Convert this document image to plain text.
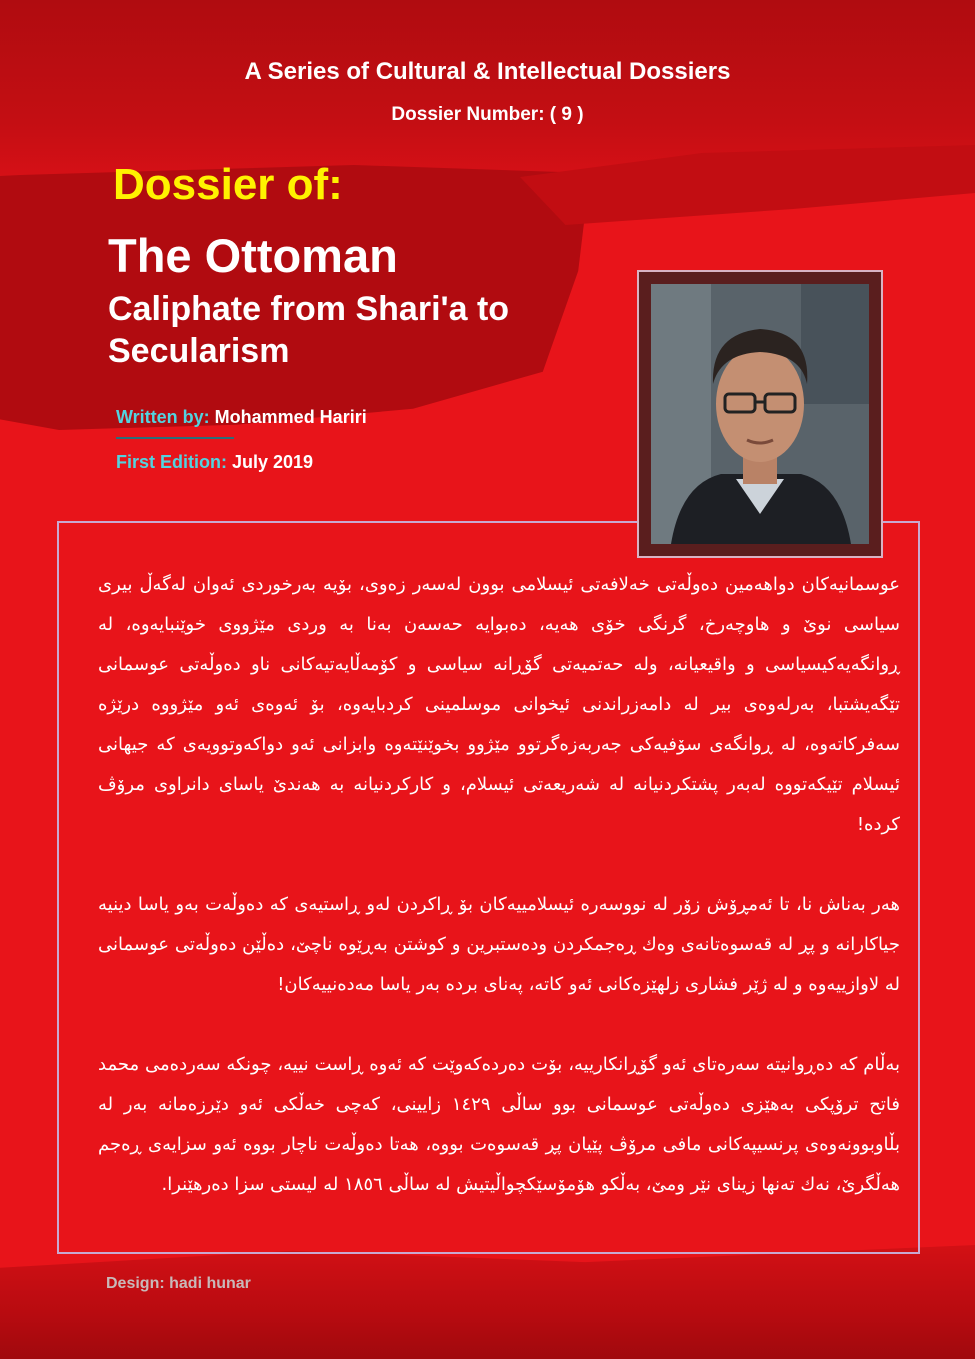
A Series of Cultural & Intellectual Dossiers
Dossier Number: ( 9 )
Dossier of:
The Ottoman
Caliphate from Shari'a to Secularism
Written by: Mohammed Hariri
First Edition: July 2019
عوسمانیەكان دواهەمین دەوڵەتی خەلافەتی ئیسلامی بوون لەسەر زەوی، بۆیە بەرخوردی ئەوان لەگەڵ بیری سیاسی نوێ و هاوچەرخ، گرنگی خۆی هەیە، دەبوایە حەسەن بەنا بە وردی مێژووی خوێنبایەوە، لە ڕوانگەیەكیسیاسی و واقیعیانە، ولە حەتمیەتی گۆڕانە سیاسی و كۆمەڵایەتیەكانی ناو دەوڵەتی عوسمانی تێگەیشتبا، بەرلەوەی بیر لە دامەزراندنی ئیخوانی موسلمینی كردبایەوە، بۆ ئەوەی ئەو مێژووە درێژە سەفركاتەوە، لە ڕوانگەی سۆفیەكی جەربەزەگرتوو مێژوو بخوێنێتەوە وابزانی ئەو دواكەوتوویەی كە جیهانی ئیسلام تێیكەتووە لەبەر پشتكردنیانە لە شەریعەتی ئیسلام، و كاركردنیانە بە هەندێ یاسای دانراوی مرۆڤ كردە!
هەر بەناش نا، تا ئەمڕۆش زۆر لە نووسەرە ئیسلامییەكان بۆ ڕاكردن لەو ڕاستیەی كە دەوڵەت بەو یاسا دینیە جیاكارانە و پڕ لە قەسوەتانەی وەك ڕەجمكردن ودەستبرین و كوشتن بەڕێوە ناچێ، دەڵێن دەوڵەتی عوسمانی لە لاوازییەوە و لە ژێر فشاری زلهێزەكانی ئەو كاتە، پەنای بردە بەر یاسا مەدەنییەكان!
بەڵام كە دەڕوانیتە سەرەتای ئەو گۆڕانكارییە، بۆت دەردەكەوێت كە ئەوە ڕاست نییە، چونكە سەردەمی محمد فاتح ترۆپكی بەهێزی دەوڵەتی عوسمانی بوو ساڵی ١٤٢٩ زایینی، كەچی خەڵكی ئەو دێرزەمانە بەر لە بڵاوبوونەوەی پرنسیپەكانی مافی مرۆڤ پێیان پڕ قەسوەت بووە، هەتا دەوڵەت ناچار بووە ئەو سزایەی ڕەجم هەڵگرێ، نەك تەنها زینای نێر ومێ، بەڵكو هۆمۆسێكچواڵیتیش لە ساڵی ١٨٥٦ لە لیستی سزا دەرهێنرا.
Design: hadi hunar
